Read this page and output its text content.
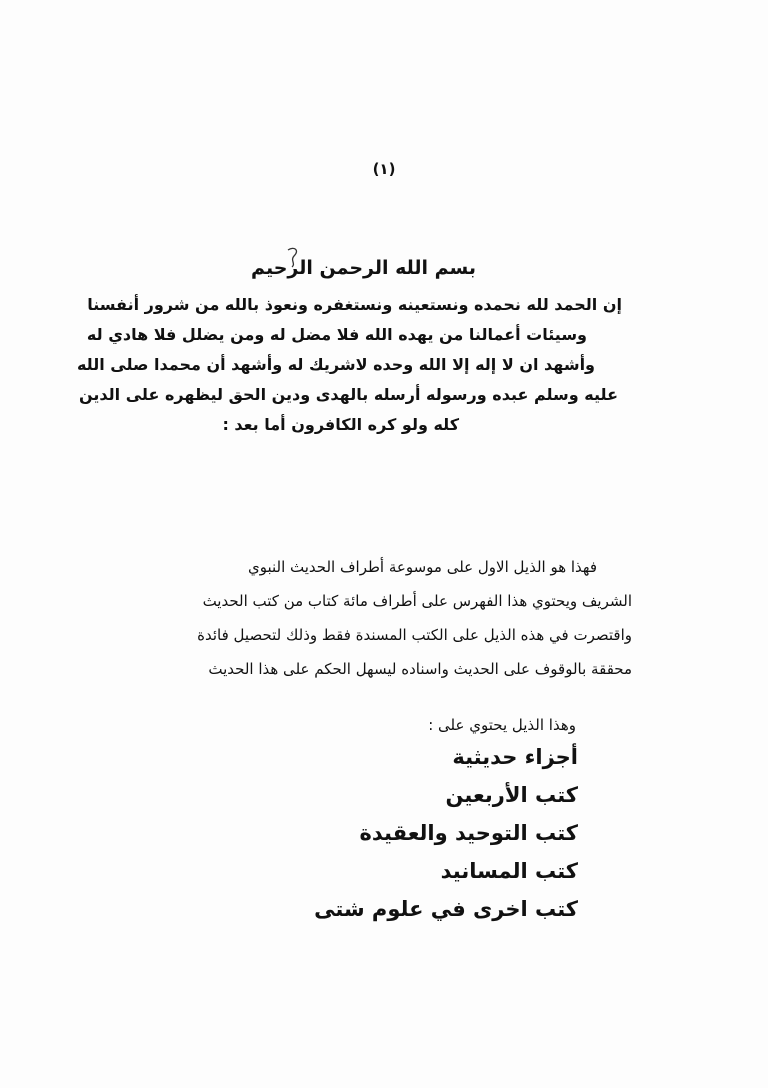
(١)
بسم الله الرحمن الرحيم
إن الحمد لله نحمده ونستعينه ونستغفره ونعوذ بالله من شرور أنفسنا
وسيئات أعمالنا من يهده الله فلا مضل له ومن يضلل فلا هادي له
وأشهد ان لا إله إلا الله وحده لاشريك له وأشهد أن محمدا صلى الله
عليه وسلم عبده ورسوله أرسله بالهدى ودين الحق ليظهره على الدين
كله ولو كره الكافرون أما بعد :
فهذا هو الذيل الاول على موسوعة أطراف الحديث النبوي
الشريف ويحتوي هذا الفهرس على أطراف مائة كتاب من كتب الحديث
واقتصرت في هذه الذيل على الكتب المسندة فقط وذلك لتحصيل فائدة
محققة بالوقوف على الحديث واسناده ليسهل الحكم على هذا الحديث
وهذا الذيل يحتوي على :
أجزاء حديثية
كتب الأربعين
كتب التوحيد والعقيدة
كتب المسانيد
كتب اخرى في علوم شتى
